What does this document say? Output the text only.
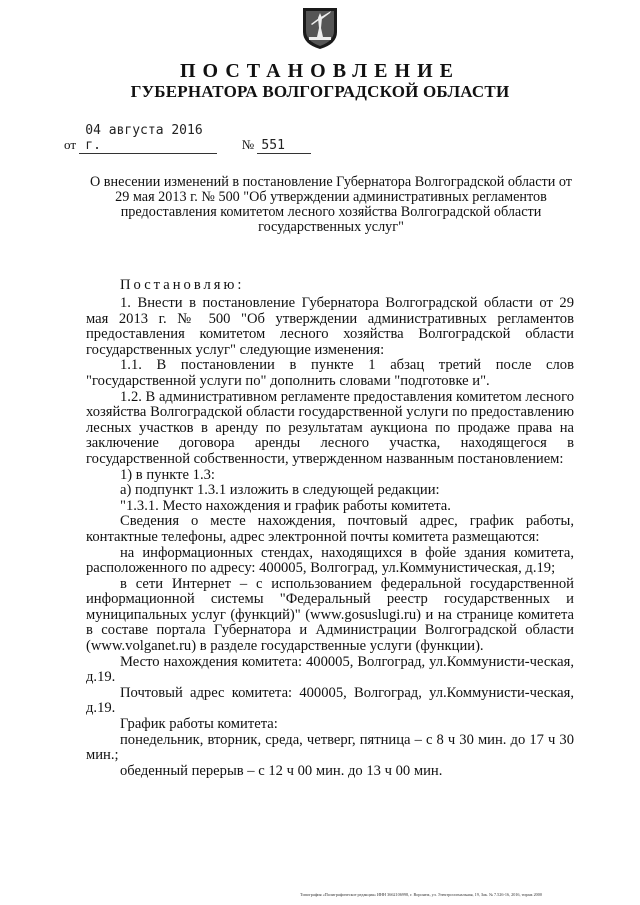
ПОСТАНОВЛЕНИЕ
ГУБЕРНАТОРА ВОЛГОГРАДСКОЙ ОБЛАСТИ
от 04 августа 2016 г.	№ 551
О внесении изменений в постановление Губернатора Волгоградской области от 29 мая 2013 г. № 500 "Об утверждении административных регламентов предоставления комитетом лесного хозяйства Волгоградской области государственных услуг"

Постановляю:

1. Внести в постановление Губернатора Волгоградской области от 29 мая 2013 г. № 500 "Об утверждении административных регламентов предоставления комитетом лесного хозяйства Волгоградской области государственных услуг" следующие изменения:

1.1. В постановлении в пункте 1 абзац третий после слов "государственной услуги по" дополнить словами "подготовке и".

1.2. В административном регламенте предоставления комитетом лесного хозяйства Волгоградской области государственной услуги по предоставлению лесных участков в аренду по результатам аукциона по продаже права на заключение договора аренды лесного участка, находящегося в государственной собственности, утвержденном названным постановлением:

1) в пункте 1.3:

а) подпункт 1.3.1 изложить в следующей редакции:

"1.3.1. Место нахождения и график работы комитета.

Сведения о месте нахождения, почтовый адрес, график работы, контактные телефоны, адрес электронной почты комитета размещаются:

на информационных стендах, находящихся в фойе здания комитета, расположенного по адресу: 400005, Волгоград, ул.Коммунистическая, д.19;

в сети Интернет – с использованием федеральной государственной информационной системы "Федеральный реестр государственных и муниципальных услуг (функций)" (www.gosuslugi.ru) и на странице комитета в составе портала Губернатора и Администрации Волгоградской области (www.volganet.ru) в разделе государственные услуги (функции).

Место нахождения комитета: 400005, Волгоград, ул.Коммунисти-ческая, д.19.

Почтовый адрес комитета: 400005, Волгоград, ул.Коммунисти-ческая, д.19.

График работы комитета:

понедельник, вторник, среда, четверг, пятница – с 8 ч 30 мин. до 17 ч 30 мин.;

обеденный перерыв – с 12 ч 00 мин. до 13 ч 00 мин.

Типография «Полиграфическое редакция» ИНН 3662106998, г. Воронеж, ул. Электросигнальная, 19, Зак. № 7.526-16, 2016, тираж 2000
